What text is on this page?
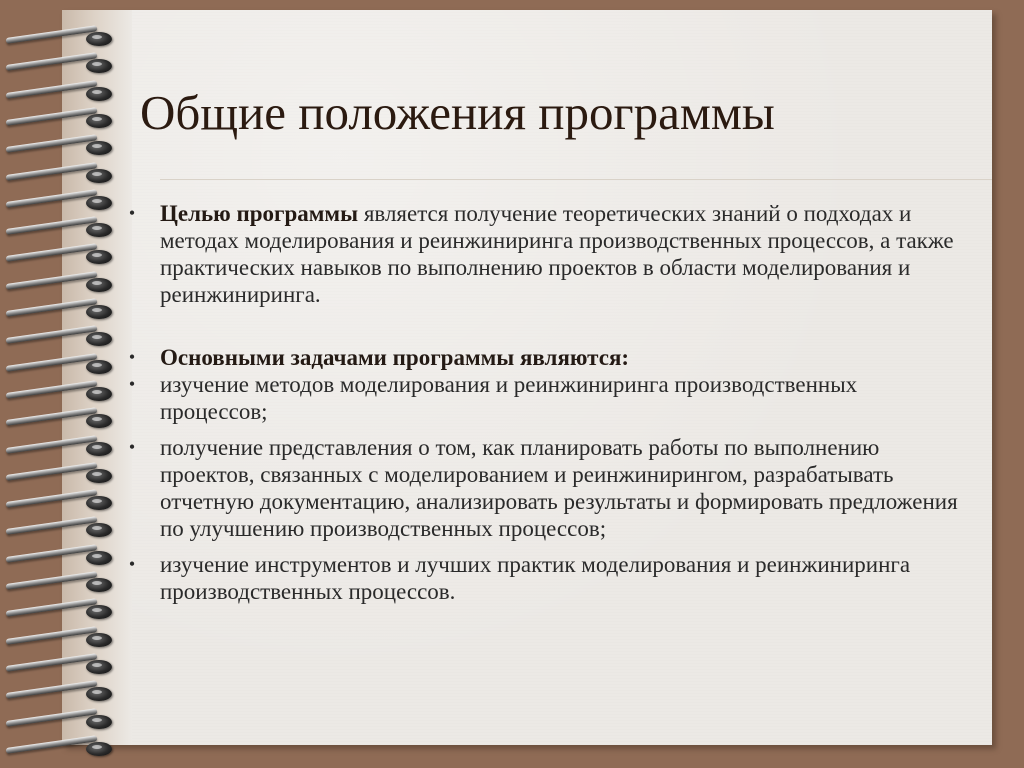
Общие положения программы
• Целью программы является получение теоретических знаний о подходах и методах моделирования и реинжиниринга производственных процессов, а также практических навыков по выполнению проектов в области моделирования и реинжиниринга.
• Основными задачами программы являются:
• изучение методов моделирования и реинжиниринга производственных процессов;
• получение представления о том, как планировать работы по выполнению проектов, связанных с моделированием и реинжинирингом, разрабатывать отчетную документацию, анализировать результаты и формировать предложения по улучшению производственных процессов;
• изучение инструментов и лучших практик моделирования и реинжиниринга производственных процессов.
